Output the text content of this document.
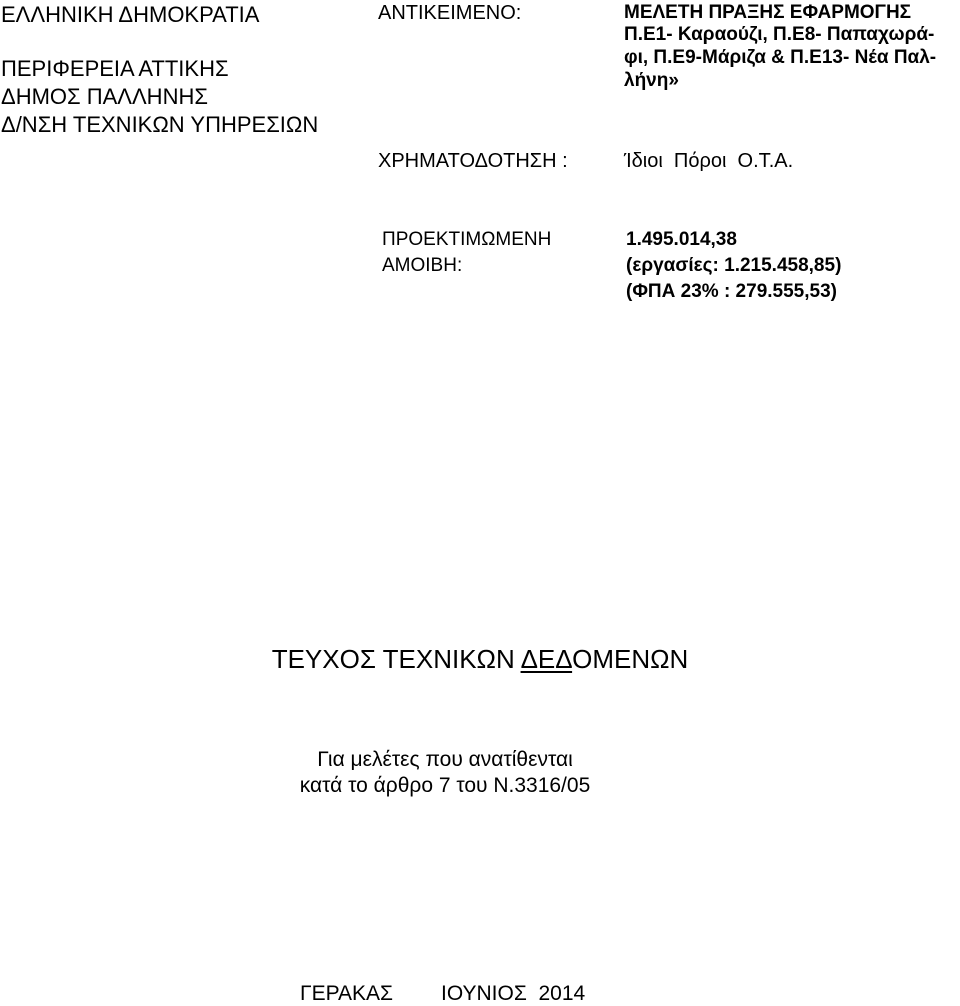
ΕΛΛΗΝΙΚΗ ΔΗΜΟΚΡΑΤΙΑ
ΠΕΡΙΦΕΡΕΙΑ ΑΤΤΙΚΗΣ
ΔΗΜΟΣ ΠΑΛΛΗΝΗΣ
Δ/ΝΣΗ ΤΕΧΝΙΚΩΝ ΥΠΗΡΕΣΙΩΝ
ΑΝΤΙΚΕΙΜΕΝΟ:	ΜΕΛΕΤΗ ΠΡΑΞΗΣ ΕΦΑΡΜΟΓΗΣ
Π.Ε1- Καραούζι, Π.Ε8- Παπαχωρά-
φι, Π.Ε9-Μάριζα & Π.Ε13- Νέα Παλ-
λήνη»
ΧΡΗΜΑΤΟΔΟΤΗΣΗ :	Ίδιοι  Πόροι  Ο.Τ.Α.
ΠΡΟΕΚΤΙΜΩΜΕΝΗ
ΑΜΟΙΒΗ:
1.495.014,38
(εργασίες: 1.215.458,85)
(ΦΠΑ 23% : 279.555,53)
ΤΕΥΧΟΣ ΤΕΧΝΙΚΩΝ ΔΕΔΟΜΕΝΩΝ
Για μελέτες που ανατίθενται
κατά το άρθρο 7 του Ν.3316/05
ΓΕΡΑΚΑΣ ΙΟΥΝΙΟΣ  2014
